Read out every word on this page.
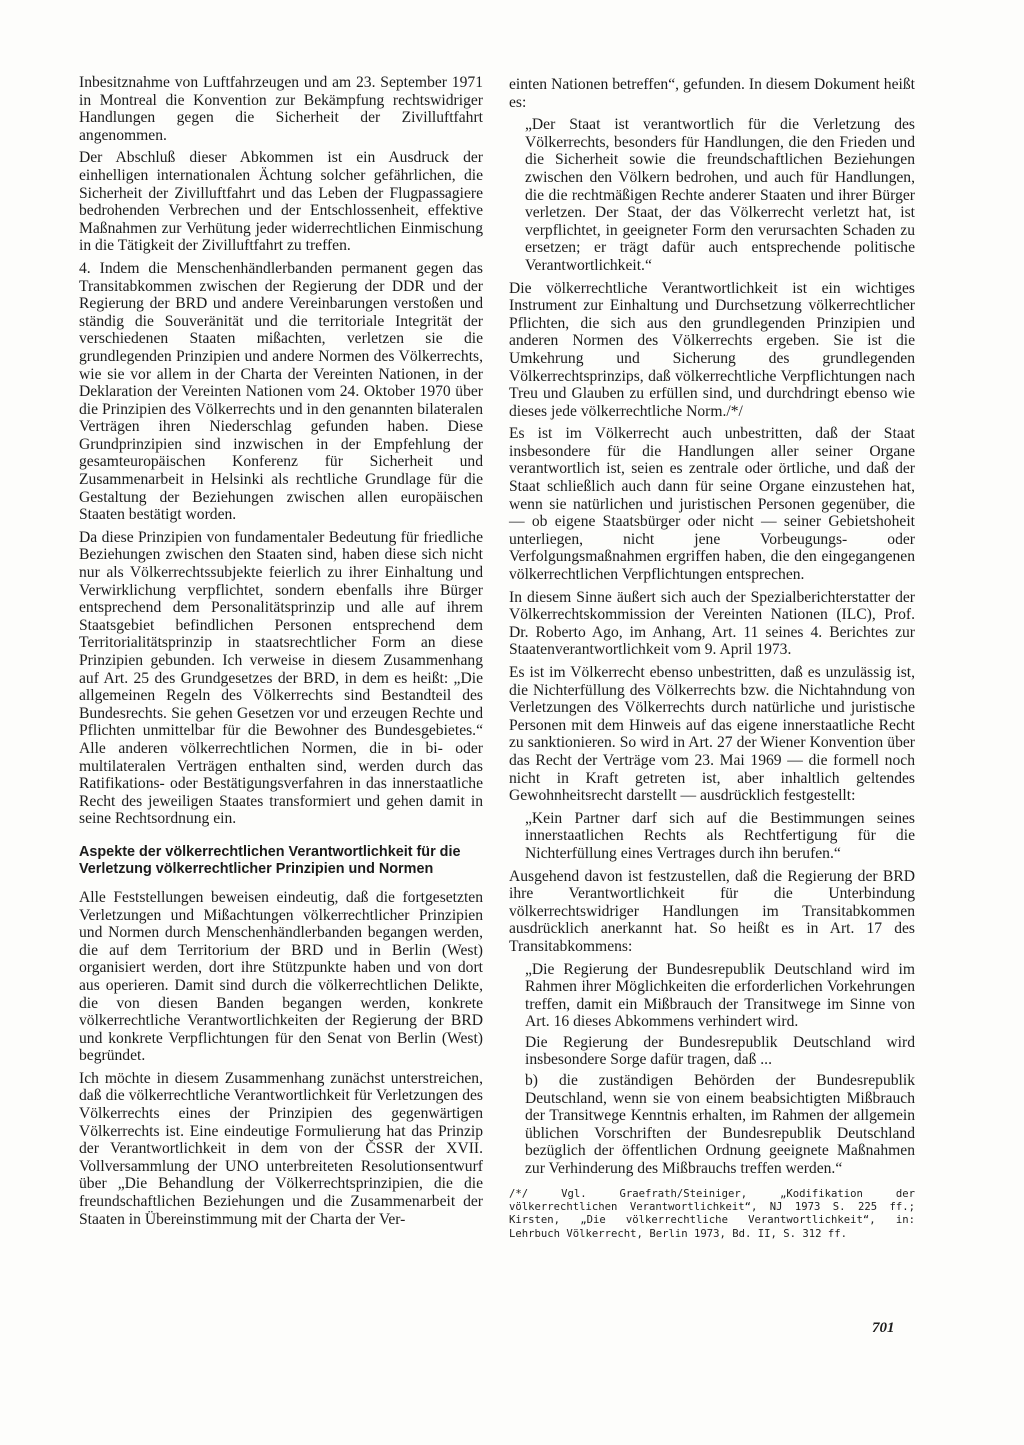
Inbesitznahme von Luftfahrzeugen und am 23. September 1971 in Montreal die Konvention zur Bekämpfung rechtswidriger Handlungen gegen die Sicherheit der Zivilluftfahrt angenommen.

Der Abschluß dieser Abkommen ist ein Ausdruck der einhelligen internationalen Ächtung solcher gefährlichen, die Sicherheit der Zivilluftfahrt und das Leben der Flugpassagiere bedrohenden Verbrechen und der Entschlossenheit, effektive Maßnahmen zur Verhütung jeder widerrechtlichen Einmischung in die Tätigkeit der Zivilluftfahrt zu treffen.

4. Indem die Menschenhändlerbanden permanent gegen das Transitabkommen zwischen der Regierung der DDR und der Regierung der BRD und andere Vereinbarungen verstoßen und ständig die Souveränität und die territoriale Integrität der verschiedenen Staaten mißachten, verletzen sie die grundlegenden Prinzipien und andere Normen des Völkerrechts, wie sie vor allem in der Charta der Vereinten Nationen, in der Deklaration der Vereinten Nationen vom 24. Oktober 1970 über die Prinzipien des Völkerrechts und in den genannten bilateralen Verträgen ihren Niederschlag gefunden haben. Diese Grundprinzipien sind inzwischen in der Empfehlung der gesamteuropäischen Konferenz für Sicherheit und Zusammenarbeit in Helsinki als rechtliche Grundlage für die Gestaltung der Beziehungen zwischen allen europäischen Staaten bestätigt worden.

Da diese Prinzipien von fundamentaler Bedeutung für friedliche Beziehungen zwischen den Staaten sind, haben diese sich nicht nur als Völkerrechtssubjekte feierlich zu ihrer Einhaltung und Verwirklichung verpflichtet, sondern ebenfalls ihre Bürger entsprechend dem Personalitätsprinzip und alle auf ihrem Staatsgebiet befindlichen Personen entsprechend dem Territorialitätsprinzip in staatsrechtlicher Form an diese Prinzipien gebunden. Ich verweise in diesem Zusammenhang auf Art. 25 des Grundgesetzes der BRD, in dem es heißt: „Die allgemeinen Regeln des Völkerrechts sind Bestandteil des Bundesrechts. Sie gehen Gesetzen vor und erzeugen Rechte und Pflichten unmittelbar für die Bewohner des Bundesgebietes.“ Alle anderen völkerrechtlichen Normen, die in bi- oder multilateralen Verträgen enthalten sind, werden durch das Ratifikations- oder Bestätigungsverfahren in das innerstaatliche Recht des jeweiligen Staates transformiert und gehen damit in seine Rechtsordnung ein.

Aspekte der völkerrechtlichen Verantwortlichkeit für die Verletzung völkerrechtlicher Prinzipien und Normen

Alle Feststellungen beweisen eindeutig, daß die fortgesetzten Verletzungen und Mißachtungen völkerrechtlicher Prinzipien und Normen durch Menschenhändlerbanden begangen werden, die auf dem Territorium der BRD und in Berlin (West) organisiert werden, dort ihre Stützpunkte haben und von dort aus operieren. Damit sind durch die völkerrechtlichen Delikte, die von diesen Banden begangen werden, konkrete völkerrechtliche Verantwortlichkeiten der Regierung der BRD und konkrete Verpflichtungen für den Senat von Berlin (West) begründet.

Ich möchte in diesem Zusammenhang zunächst unterstreichen, daß die völkerrechtliche Verantwortlichkeit für Verletzungen des Völkerrechts eines der Prinzipien des gegenwärtigen Völkerrechts ist. Eine eindeutige Formulierung hat das Prinzip der Verantwortlichkeit in dem von der ČSSR der XVII. Vollversammlung der UNO unterbreiteten Resolutionsentwurf über „Die Behandlung der Völkerrechtsprinzipien, die die freundschaftlichen Beziehungen und die Zusammenarbeit der Staaten in Übereinstimmung mit der Charta der Ver-

einten Nationen betreffen“, gefunden. In diesem Dokument heißt es:

„Der Staat ist verantwortlich für die Verletzung des Völkerrechts, besonders für Handlungen, die den Frieden und die Sicherheit sowie die freundschaftlichen Beziehungen zwischen den Völkern bedrohen, und auch für Handlungen, die die rechtmäßigen Rechte anderer Staaten und ihrer Bürger verletzen. Der Staat, der das Völkerrecht verletzt hat, ist verpflichtet, in geeigneter Form den verursachten Schaden zu ersetzen; er trägt dafür auch entsprechende politische Verantwortlichkeit.“

Die völkerrechtliche Verantwortlichkeit ist ein wichtiges Instrument zur Einhaltung und Durchsetzung völkerrechtlicher Pflichten, die sich aus den grundlegenden Prinzipien und anderen Normen des Völkerrechts ergeben. Sie ist die Umkehrung und Sicherung des grundlegenden Völkerrechtsprinzips, daß völkerrechtliche Verpflichtungen nach Treu und Glauben zu erfüllen sind, und durchdringt ebenso wie dieses jede völkerrechtliche Norm./*/

Es ist im Völkerrecht auch unbestritten, daß der Staat insbesondere für die Handlungen aller seiner Organe verantwortlich ist, seien es zentrale oder örtliche, und daß der Staat schließlich auch dann für seine Organe einzustehen hat, wenn sie natürlichen und juristischen Personen gegenüber, die — ob eigene Staatsbürger oder nicht — seiner Gebietshoheit unterliegen, nicht jene Vorbeugungs- oder Verfolgungsmaßnahmen ergriffen haben, die den eingegangenen völkerrechtlichen Verpflichtungen entsprechen.

In diesem Sinne äußert sich auch der Spezialberichterstatter der Völkerrechtskommission der Vereinten Nationen (ILC), Prof. Dr. Roberto Ago, im Anhang, Art. 11 seines 4. Berichtes zur Staatenverantwortlichkeit vom 9. April 1973.

Es ist im Völkerrecht ebenso unbestritten, daß es unzulässig ist, die Nichterfüllung des Völkerrechts bzw. die Nichtahndung von Verletzungen des Völkerrechts durch natürliche und juristische Personen mit dem Hinweis auf das eigene innerstaatliche Recht zu sanktionieren. So wird in Art. 27 der Wiener Konvention über das Recht der Verträge vom 23. Mai 1969 — die formell noch nicht in Kraft getreten ist, aber inhaltlich geltendes Gewohnheitsrecht darstellt — ausdrücklich festgestellt:

„Kein Partner darf sich auf die Bestimmungen seines innerstaatlichen Rechts als Rechtfertigung für die Nichterfüllung eines Vertrages durch ihn berufen.“

Ausgehend davon ist festzustellen, daß die Regierung der BRD ihre Verantwortlichkeit für die Unterbindung völkerrechtswidriger Handlungen im Transitabkommen ausdrücklich anerkannt hat. So heißt es in Art. 17 des Transitabkommens:

„Die Regierung der Bundesrepublik Deutschland wird im Rahmen ihrer Möglichkeiten die erforderlichen Vorkehrungen treffen, damit ein Mißbrauch der Transitwege im Sinne von Art. 16 dieses Abkommens verhindert wird.

Die Regierung der Bundesrepublik Deutschland wird insbesondere Sorge dafür tragen, daß ...

b) die zuständigen Behörden der Bundesrepublik Deutschland, wenn sie von einem beabsichtigten Mißbrauch der Transitwege Kenntnis erhalten, im Rahmen der allgemein üblichen Vorschriften der Bundesrepublik Deutschland bezüglich der öffentlichen Ordnung geeignete Maßnahmen zur Verhinderung des Mißbrauchs treffen werden.“

/*/ Vgl. Graefrath/Steiniger, „Kodifikation der völkerrechtlichen Verantwortlichkeit“, NJ 1973 S. 225 ff.; Kirsten, „Die völkerrechtliche Verantwortlichkeit“, in: Lehrbuch Völkerrecht, Berlin 1973, Bd. II, S. 312 ff.
701
